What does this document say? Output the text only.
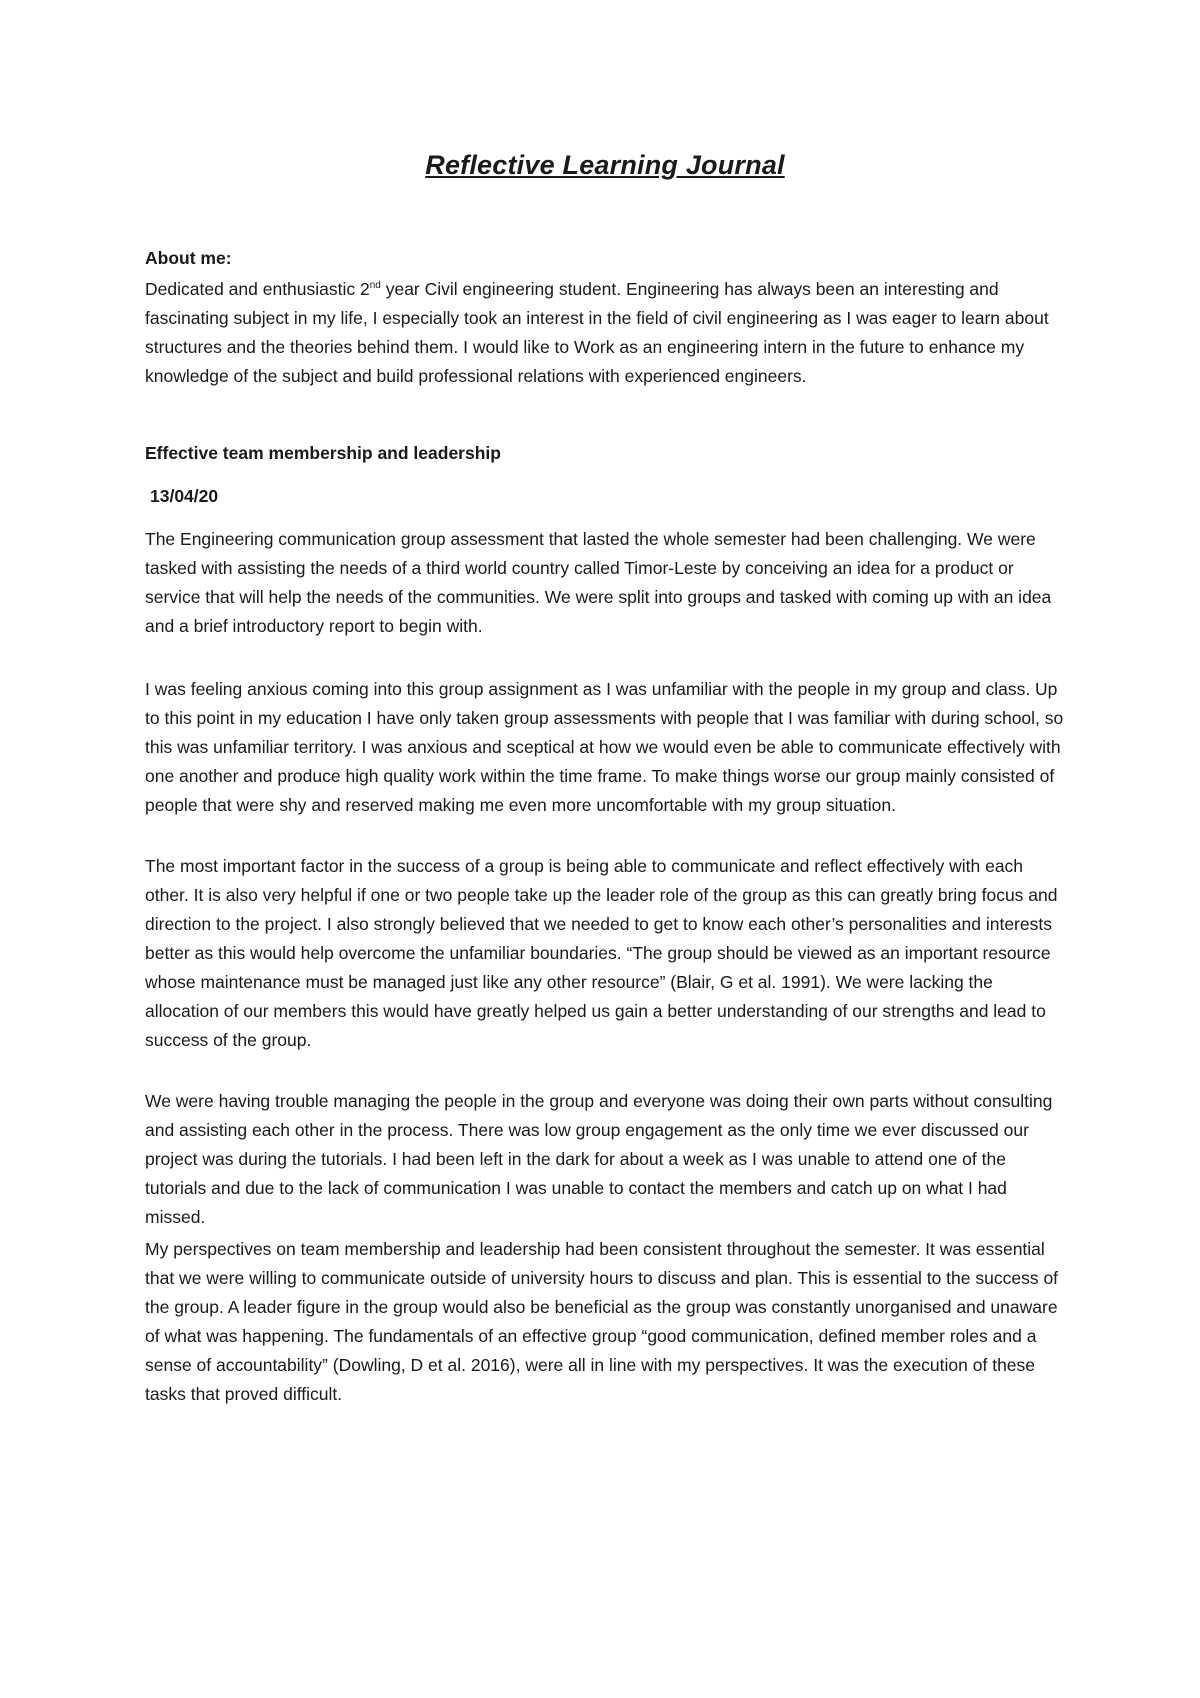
Reflective Learning Journal

About me:

Dedicated and enthusiastic 2nd year Civil engineering student. Engineering has always been an interesting and fascinating subject in my life, I especially took an interest in the field of civil engineering as I was eager to learn about structures and the theories behind them. I would like to Work as an engineering intern in the future to enhance my knowledge of the subject and build professional relations with experienced engineers.

Effective team membership and leadership

13/04/20

The Engineering communication group assessment that lasted the whole semester had been challenging. We were tasked with assisting the needs of a third world country called Timor-Leste by conceiving an idea for a product or service that will help the needs of the communities. We were split into groups and tasked with coming up with an idea and a brief introductory report to begin with.

I was feeling anxious coming into this group assignment as I was unfamiliar with the people in my group and class. Up to this point in my education I have only taken group assessments with people that I was familiar with during school, so this was unfamiliar territory. I was anxious and sceptical at how we would even be able to communicate effectively with one another and produce high quality work within the time frame. To make things worse our group mainly consisted of people that were shy and reserved making me even more uncomfortable with my group situation.

The most important factor in the success of a group is being able to communicate and reflect effectively with each other. It is also very helpful if one or two people take up the leader role of the group as this can greatly bring focus and direction to the project. I also strongly believed that we needed to get to know each other’s personalities and interests better as this would help overcome the unfamiliar boundaries. “The group should be viewed as an important resource whose maintenance must be managed just like any other resource” (Blair, G et al. 1991). We were lacking the allocation of our members this would have greatly helped us gain a better understanding of our strengths and lead to success of the group.

We were having trouble managing the people in the group and everyone was doing their own parts without consulting and assisting each other in the process. There was low group engagement as the only time we ever discussed our project was during the tutorials. I had been left in the dark for about a week as I was unable to attend one of the tutorials and due to the lack of communication I was unable to contact the members and catch up on what I had missed.

My perspectives on team membership and leadership had been consistent throughout the semester. It was essential that we were willing to communicate outside of university hours to discuss and plan. This is essential to the success of the group. A leader figure in the group would also be beneficial as the group was constantly unorganised and unaware of what was happening. The fundamentals of an effective group “good communication, defined member roles and a sense of accountability” (Dowling, D et al. 2016), were all in line with my perspectives. It was the execution of these tasks that proved difficult.
